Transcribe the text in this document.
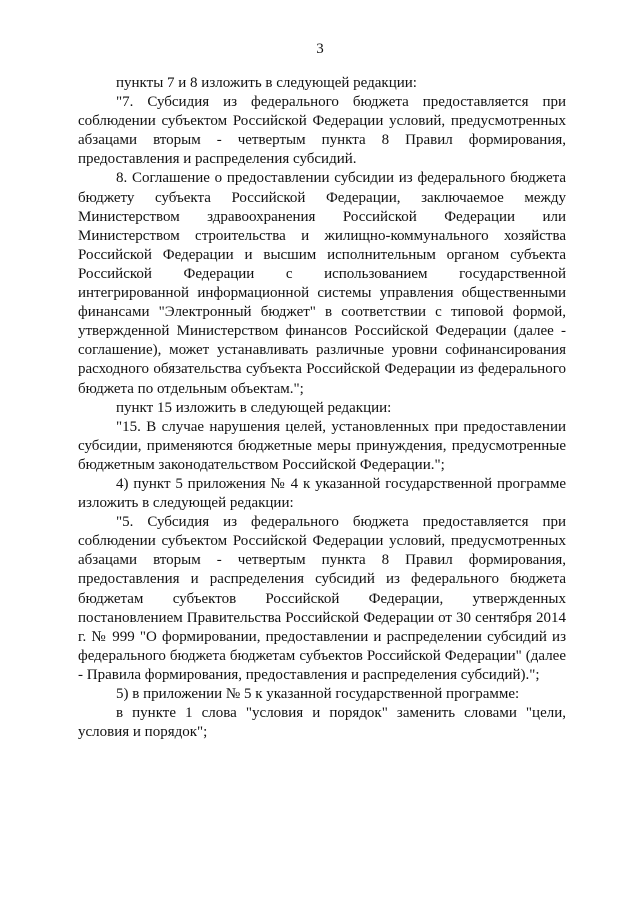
3

пункты 7 и 8 изложить в следующей редакции:

"7. Субсидия из федерального бюджета предоставляется при соблюдении субъектом Российской Федерации условий, предусмотренных абзацами вторым - четвертым пункта 8 Правил формирования, предоставления и распределения субсидий.

8. Соглашение о предоставлении субсидии из федерального бюджета бюджету субъекта Российской Федерации, заключаемое между Министерством здравоохранения Российской Федерации или Министерством строительства и жилищно-коммунального хозяйства Российской Федерации и высшим исполнительным органом субъекта Российской Федерации с использованием государственной интегрированной информационной системы управления общественными финансами "Электронный бюджет" в соответствии с типовой формой, утвержденной Министерством финансов Российской Федерации (далее - соглашение), может устанавливать различные уровни софинансирования расходного обязательства субъекта Российской Федерации из федерального бюджета по отдельным объектам.";

пункт 15 изложить в следующей редакции:

"15. В случае нарушения целей, установленных при предоставлении субсидии, применяются бюджетные меры принуждения, предусмотренные бюджетным законодательством Российской Федерации.";

4) пункт 5 приложения № 4 к указанной государственной программе изложить в следующей редакции:

"5. Субсидия из федерального бюджета предоставляется при соблюдении субъектом Российской Федерации условий, предусмотренных абзацами вторым - четвертым пункта 8 Правил формирования, предоставления и распределения субсидий из федерального бюджета бюджетам субъектов Российской Федерации, утвержденных постановлением Правительства Российской Федерации от 30 сентября 2014 г. № 999 "О формировании, предоставлении и распределении субсидий из федерального бюджета бюджетам субъектов Российской Федерации" (далее - Правила формирования, предоставления и распределения субсидий).";

5) в приложении № 5 к указанной государственной программе:

в пункте 1 слова "условия и порядок" заменить словами "цели, условия и порядок";
